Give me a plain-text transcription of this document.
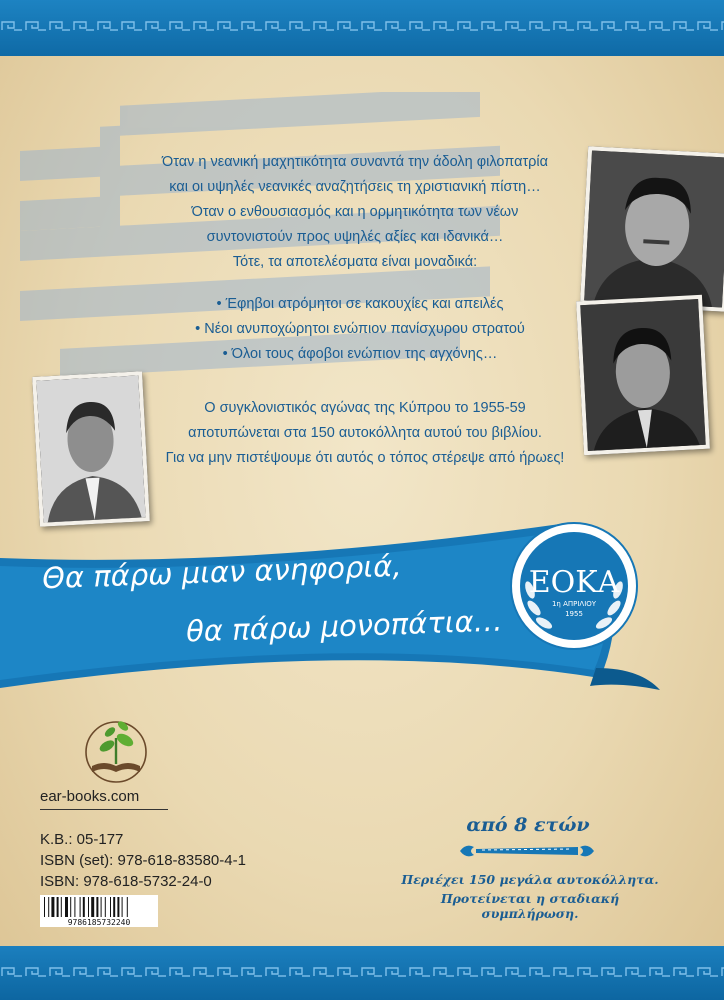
Όταν η νεανική μαχητικότητα συναντά την άδολη φιλοπατρία

και οι υψηλές νεανικές αναζητήσεις τη χριστιανική πίστη…

Όταν ο ενθουσιασμός και η ορμητικότητα των νέων

συντονιστούν προς υψηλές αξίες και ιδανικά…

Τότε, τα αποτελέσματα είναι μοναδικά:

• Έφηβοι ατρόμητοι σε κακουχίες και απειλές

• Νέοι ανυποχώρητοι ενώπιον πανίσχυρου στρατού

• Όλοι τους άφοβοι ενώπιον της αγχόνης…

Ο συγκλονιστικός αγώνας της Κύπρου το 1955-59

αποτυπώνεται στα 150 αυτοκόλλητα αυτού του βιβλίου.

Για να μην πιστέψουμε ότι αυτός ο τόπος στέρεψε από ήρωες!

Θα πάρω μιαν ανηφοριά,
θα πάρω μονοπάτια…
ΕΟΚΑ
1η ΑΠΡΙΛΙΟΥ
1955
ear-books.com
K.B.: 05-177
ISBN (set): 978-618-83580-4-1
ISBN: 978-618-5732-24-0
9786185732240
από 8 ετών
Περιέχει 150 μεγάλα αυτοκόλλητα.
Προτείνεται η σταδιακή συμπλήρωση.
